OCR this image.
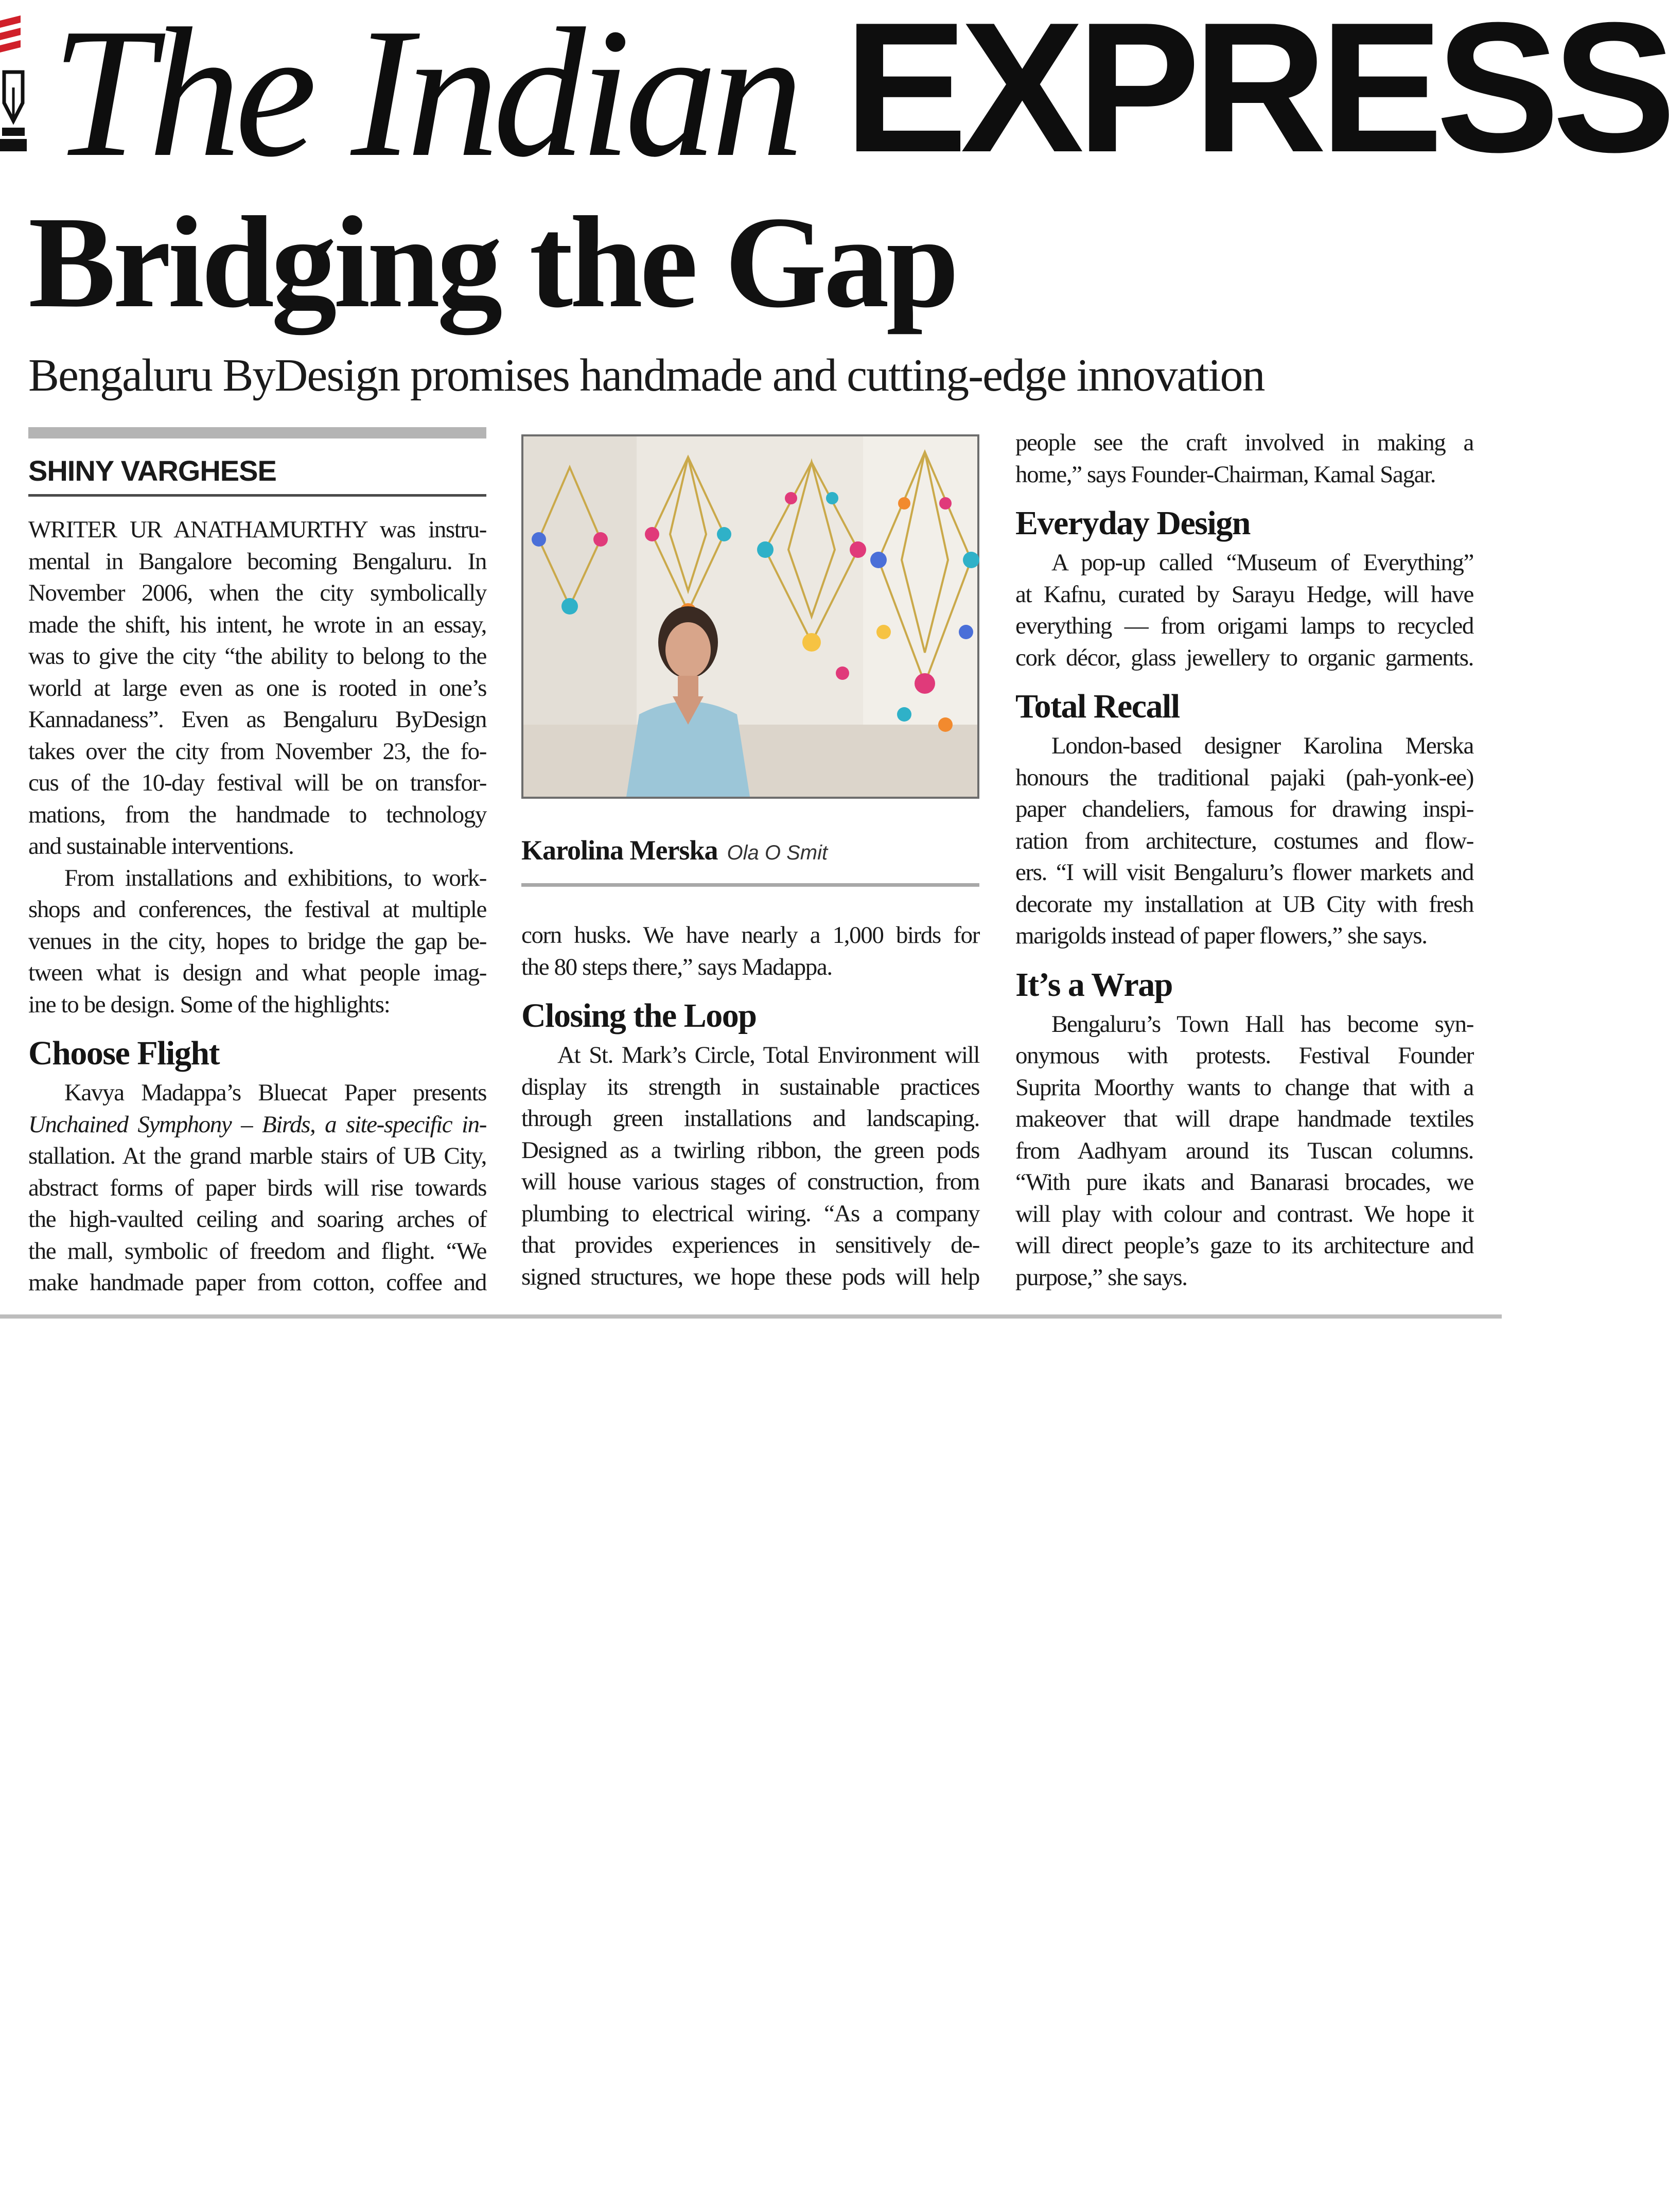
The Indian EXPRESS
Bridging the Gap
Bengaluru ByDesign promises handmade and cutting-edge innovation
SHINY VARGHESE
WRITER UR ANATHAMURTHY was instru-
mental in Bangalore becoming Bengaluru. In
November 2006, when the city symbolically
made the shift, his intent, he wrote in an essay,
was to give the city “the ability to belong to the
world at large even as one is rooted in one’s
Kannadaness”. Even as Bengaluru ByDesign
takes over the city from November 23, the fo-
cus of the 10-day festival will be on transfor-
mations, from the handmade to technology
and sustainable interventions.
From installations and exhibitions, to work-
shops and conferences, the festival at multiple
venues in the city, hopes to bridge the gap be-
tween what is design and what people imag-
ine to be design. Some of the highlights:
Choose Flight
Kavya Madappa’s Bluecat Paper presents
Unchained Symphony – Birds, a site-specific in-
stallation. At the grand marble stairs of UB City,
abstract forms of paper birds will rise towards
the high-vaulted ceiling and soaring arches of
the mall, symbolic of freedom and flight. “We
make handmade paper from cotton, coffee and
Karolina Merska Ola O Smit
corn husks. We have nearly a 1,000 birds for
the 80 steps there,” says Madappa.
Closing the Loop
At St. Mark’s Circle, Total Environment will
display its strength in sustainable practices
through green installations and landscaping.
Designed as a twirling ribbon, the green pods
will house various stages of construction, from
plumbing to electrical wiring. “As a company
that provides experiences in sensitively de-
signed structures, we hope these pods will help
people see the craft involved in making a
home,” says Founder-Chairman, Kamal Sagar.
Everyday Design
A pop-up called “Museum of Everything”
at Kafnu, curated by Sarayu Hedge, will have
everything — from origami lamps to recycled
cork décor, glass jewellery to organic garments.
Total Recall
London-based designer Karolina Merska
honours the traditional pajaki (pah-yonk-ee)
paper chandeliers, famous for drawing inspi-
ration from architecture, costumes and flow-
ers. “I will visit Bengaluru’s flower markets and
decorate my installation at UB City with fresh
marigolds instead of paper flowers,” she says.
It’s a Wrap
Bengaluru’s Town Hall has become syn-
onymous with protests. Festival Founder
Suprita Moorthy wants to change that with a
makeover that will drape handmade textiles
from Aadhyam around its Tuscan columns.
“With pure ikats and Banarasi brocades, we
will play with colour and contrast. We hope it
will direct people’s gaze to its architecture and
purpose,” she says.
